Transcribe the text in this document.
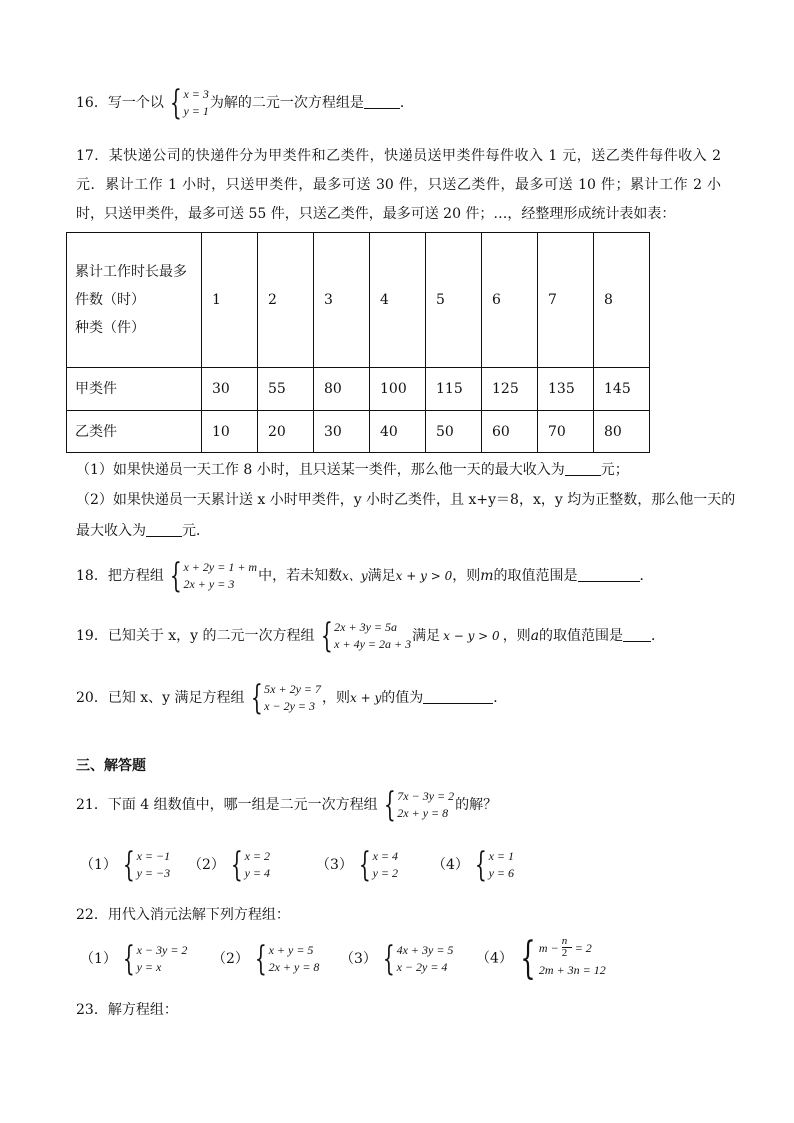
16．写一个以 { x = 3
y = 1 为解的二元一次方程组是	．
17．某快递公司的快递件分为甲类件和乙类件，快递员送甲类件每件收入 1 元，送乙类件每件收入 2 元．累计工作 1 小时，只送甲类件，最多可送 30 件，只送乙类件，最多可送 10 件；累计工作 2 小时，只送甲类件，最多可送 55 件，只送乙类件，最多可送 20 件；…，经整理形成统计表如表：
累计工作时长最多
件数（时）
种类（件）	1	2	3	4	5	6	7	8
甲类件	30	55	80	100	115	125	135	145
乙类件	10	20	30	40	50	60	70	80
（1）如果快递员一天工作 8 小时，且只送某一类件，那么他一天的最大收入为	元；
（2）如果快递员一天累计送 x 小时甲类件，y 小时乙类件，且 x+y＝8，x，y 均为正整数，那么他一天的
最大收入为	元．
18．把方程组 { x + 2y = 1 + m
2x + y = 3	中，若未知数x、y满足x + y > 0，则m的取值范围是	．
19．已知关于 x，y 的二元一次方程组 { 2x + 3y = 5a
x + 4y = 2a + 3 满足 x − y > 0 ，则a的取值范围是 ．
20．已知 x、y 满足方程组 { 5x + 2y = 7
x − 2y = 3 ，则x + y的值为	．
三、解答题
21．下面 4 组数值中，哪一组是二元一次方程组 { 7x − 3y = 2
2x + y = 8 的解？
（1） { x = −1
y = −3 （2） { x = 2
y = 4	（3） { x = 4
y = 2 （4） { x = 1
y = 6
22．用代入消元法解下列方程组：
（1） { x − 3y = 2
y = x	（2） { x + y = 5
2x + y = 8 （3） { 4x + 3y = 5
x − 2y = 4
（4） { $m - \frac{n}{2} = 2$
2m + 3n = 12
23．解方程组：
